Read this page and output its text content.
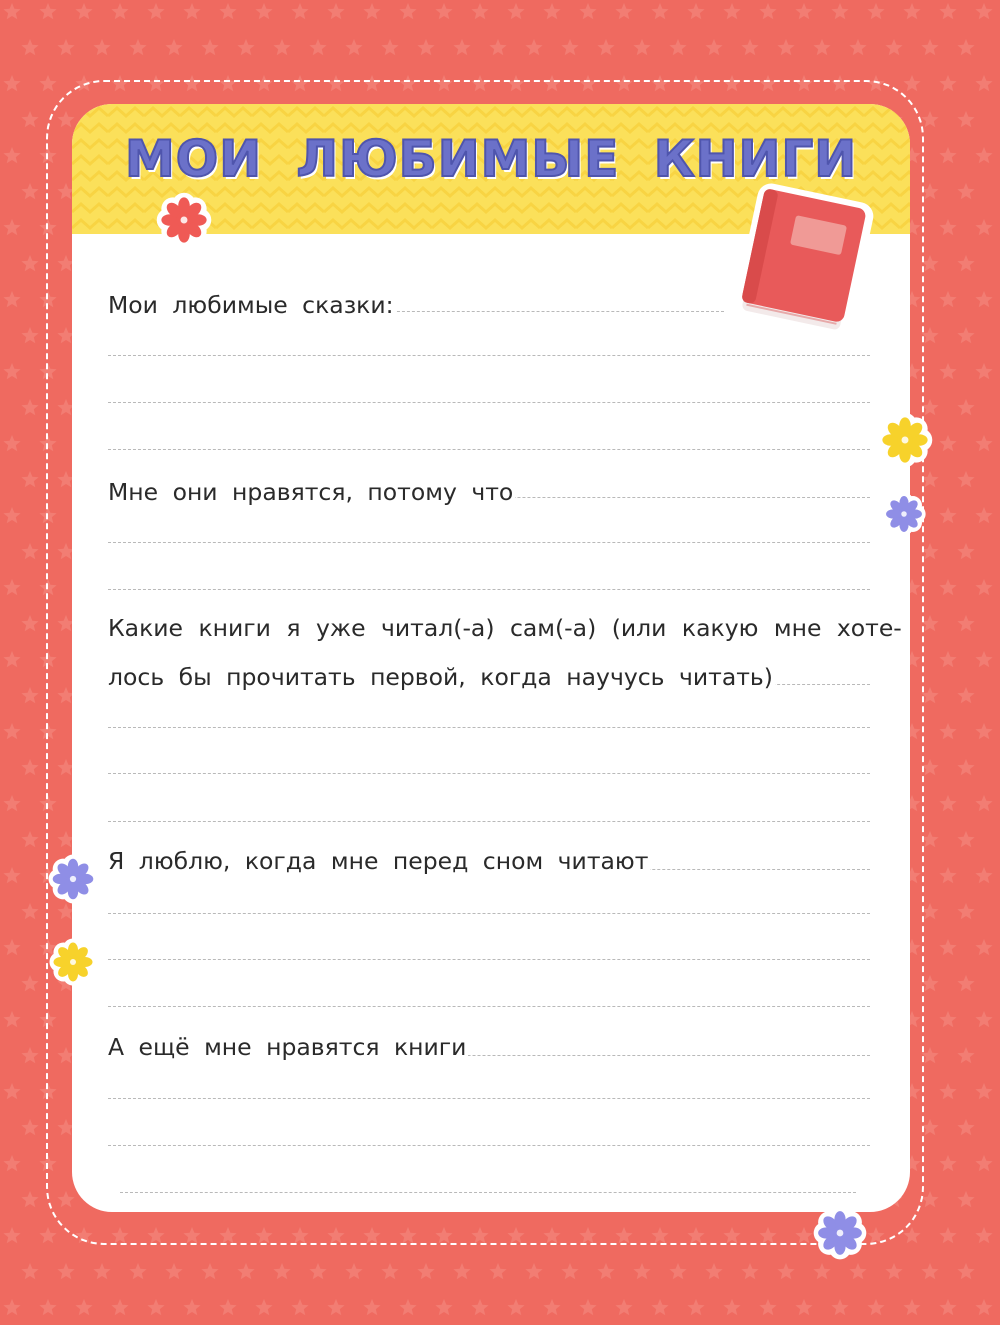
МОИ ЛЮБИМЫЕ КНИГИ
Мои любимые сказки:
Мне они нравятся, потому что
Какие книги я уже читал(-а) сам(-а) (или какую мне хоте-
лось бы прочитать первой, когда научусь читать)
Я люблю, когда мне перед сном читают
А ещё мне нравятся книги
